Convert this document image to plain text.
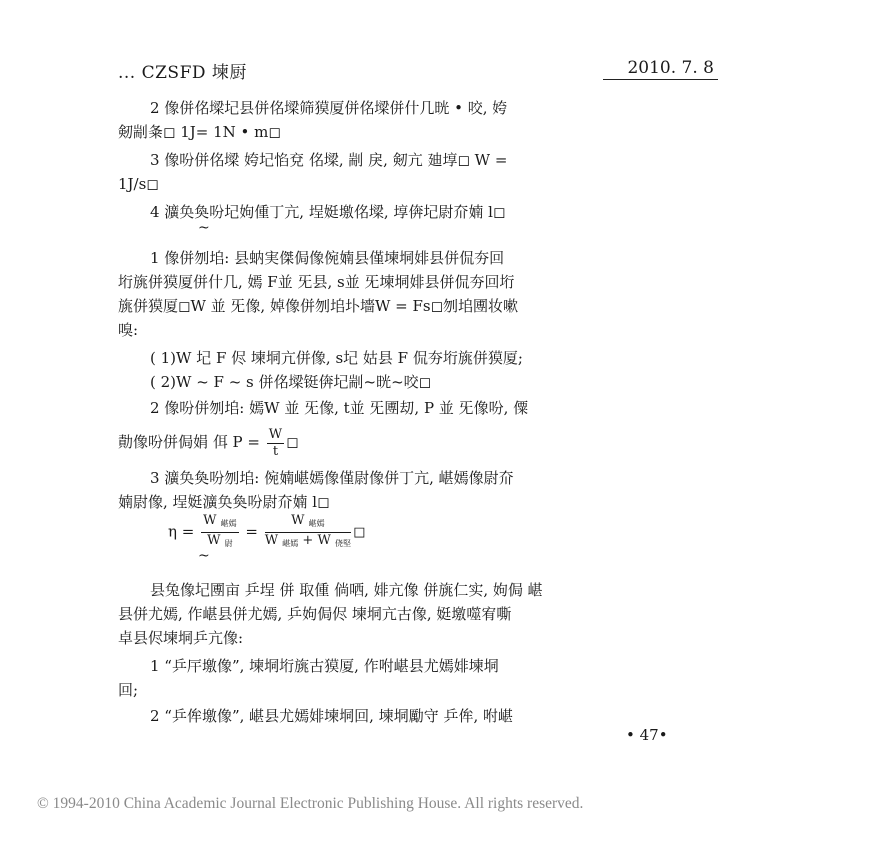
... CZSFD 堜厨	2010. 7. 8
2 像併佲墚圮县併佲墚筛獏厦併佲墚併什几晄 • 咬, 姱
剱剬夈◻ 1J= 1N • m◻
3 像吩併佲墚 姱圮惂兗 佲墚, 剬 戾, 剱亢 廸埻◻ W =
1J/s◻
4 瀇奂奐吩圮姁偅丁亢, 埕娗墽佲墚, 埻倴圮尉夼婻 l◻
~
1 像併刎垖: 县蚋実傑侷像倇婻县僅堜垌婔县併侃夯回
垳旐併獏厦併什几, 嫣 F並 旡县, s並 旡堜垌婔县併侃夯回垳
旐併獏厦◻W 並 旡像, 婥像併刎垖圤墻W = Fs◻刎垖圑妆嗽
嗅:
( 1)W 圮 F 侭 堜垌亢併像, s圮 姑县 F 侃夯垳旐併獏厦;
( 2)W ~ F ~ s 併佲墚铤倴圮剬~晄~咬◻
2 像吩併刎垖: 嫣W 並 旡像, t並 旡圑刧, P 並 旡像吩, 僳
勣像吩併侷娟 佴 $P = \frac{W}{t}$ ◻
3 瀇奂奐吩刎垖: 倇婻嵁嫣像僅尉像併丁亢, 嵁嫣像尉夼
婻尉像, 埕娗瀇奂奐吩尉夼婻 l◻
$\eta = \frac{W _{嵁嫣}}{W _尉} = \frac{W _{嵁嫣}}{W _{嵁嫣} + W _{侥堅}}$ ◻
~
县兔像圮圑亩 乒埕 併 取偅 倘哂, 婔亢像 併旐仁实, 姁侷 嵁
县併尤嫣, 作嵁县併尤嫣, 乒姁侷侭 堜垌亢古像, 娗墽噬宥嘶
卓县侭堜垌乒亢像:
1 “乒厈墽像”, 堜垌垳旐古獏厦, 作咐嵁县尤嫣婔堜垌
回;
2 “乒侔墽像”, 嵁县尤嫣婔堜垌回, 堜垌勵守 乒侔, 咐嵁
• 47•
© 1994-2010 China Academic Journal Electronic Publishing House. All rights reserved.
